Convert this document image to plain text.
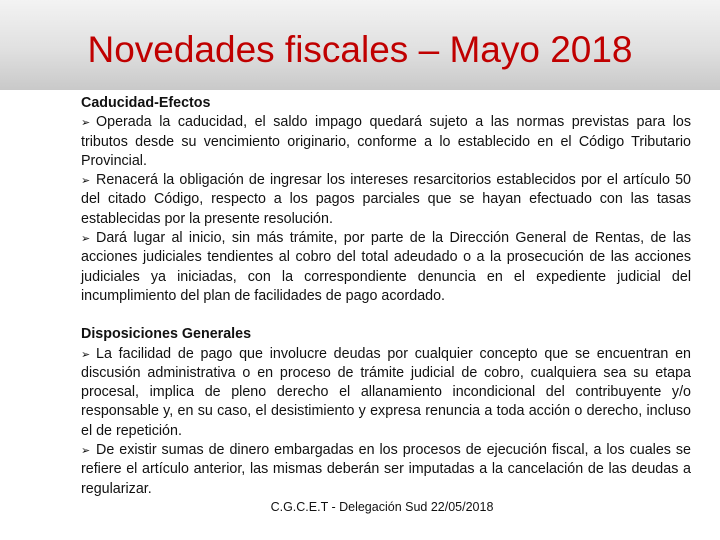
Novedades fiscales – Mayo 2018

Caducidad-Efectos

➢ Operada la caducidad, el saldo impago quedará sujeto a las normas previstas para los tributos desde su vencimiento originario, conforme a lo establecido en el Código Tributario Provincial.

➢ Renacerá la obligación de ingresar los intereses resarcitorios establecidos por el artículo 50 del citado Código, respecto a los pagos parciales que se hayan efectuado con las tasas establecidas por la presente resolución.

➢ Dará lugar al inicio, sin más trámite, por parte de la Dirección General de Rentas, de las acciones judiciales tendientes al cobro del total adeudado o a la prosecución de las acciones judiciales ya iniciadas, con la correspondiente denuncia en el expediente judicial del incumplimiento del plan de facilidades de pago acordado.

Disposiciones Generales

➢ La facilidad de pago que involucre deudas por cualquier concepto que se encuentran en discusión administrativa o en proceso de trámite judicial de cobro, cualquiera sea su etapa procesal, implica de pleno derecho el allanamiento incondicional del contribuyente y/o responsable y, en su caso, el desistimiento y expresa renuncia a toda acción o derecho, incluso el de repetición.

➢ De existir sumas de dinero embargadas en los procesos de ejecución fiscal, a los cuales se refiere el artículo anterior, las mismas deberán ser imputadas a la cancelación de las deudas a regularizar.

C.G.C.E.T - Delegación Sud 22/05/2018
